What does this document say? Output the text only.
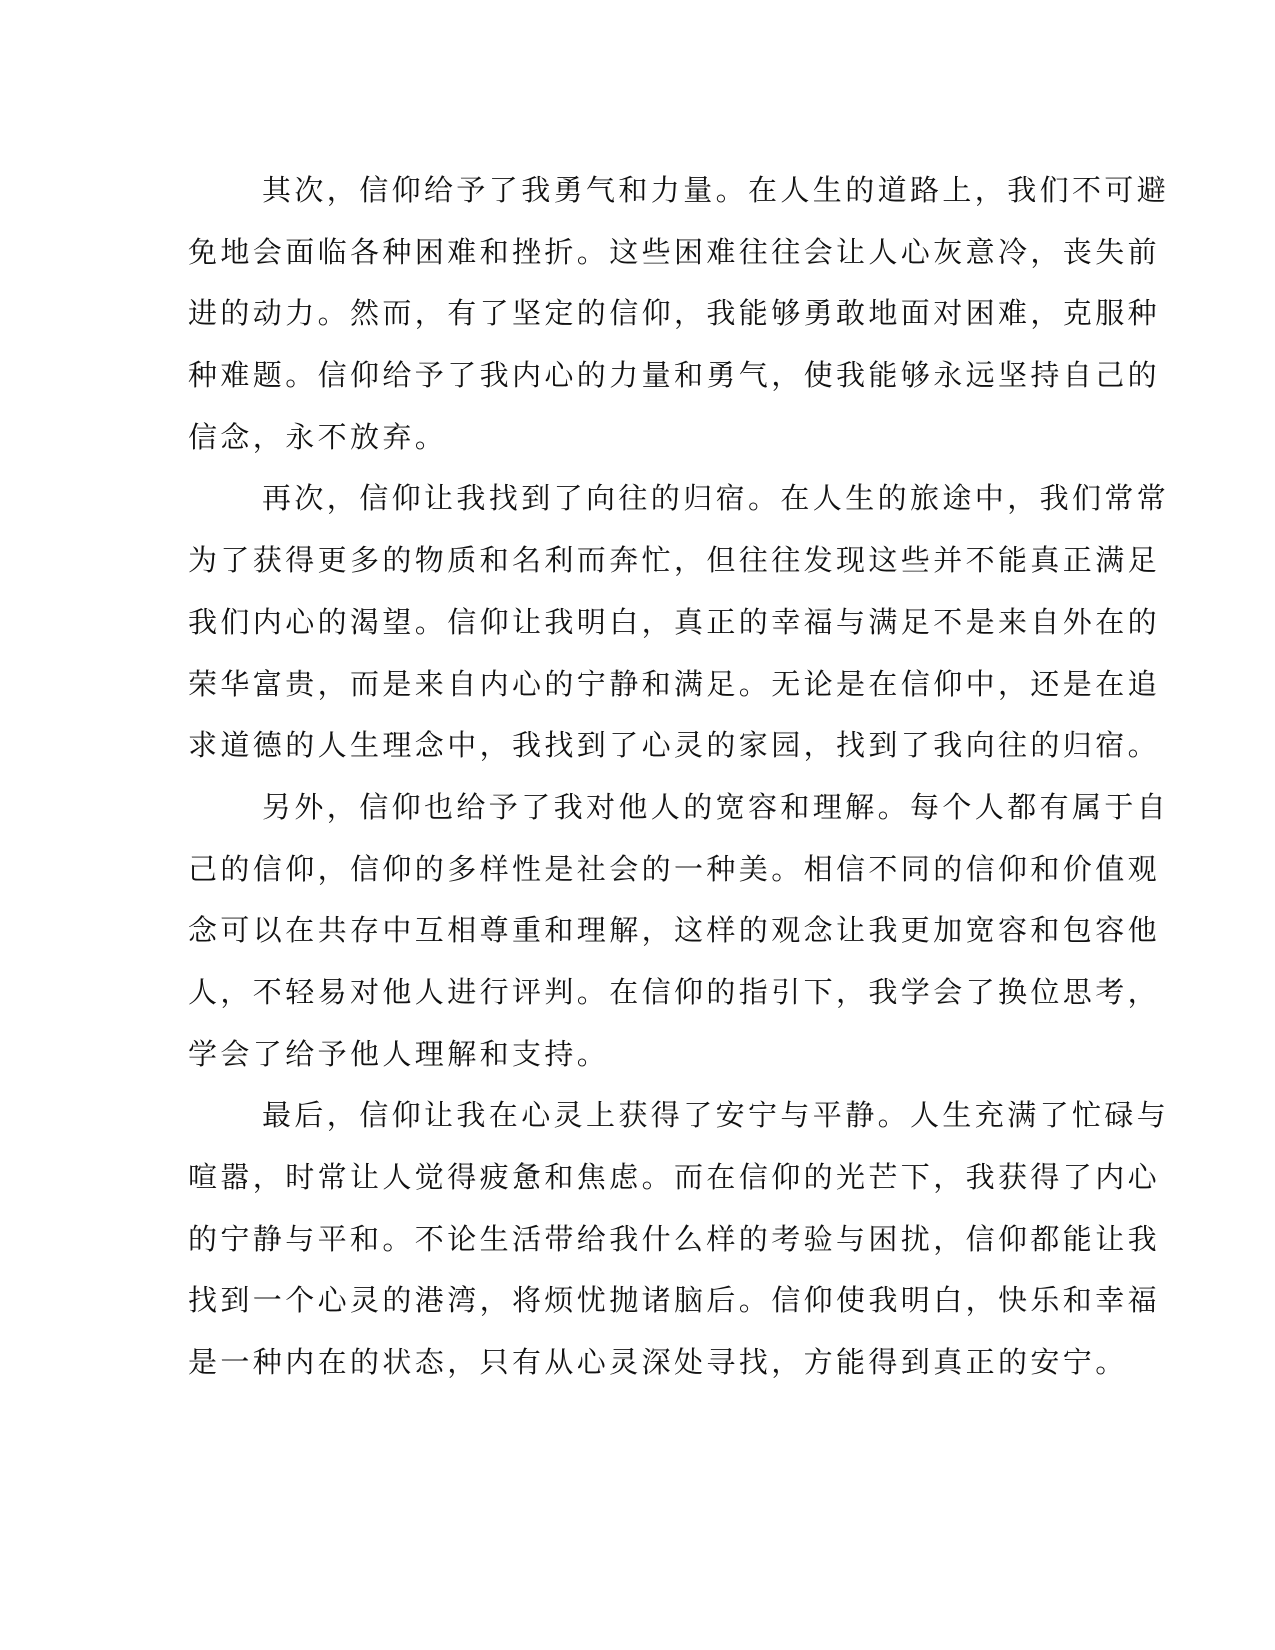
其次，信仰给予了我勇气和力量。在人生的道路上，我们不可避
免地会面临各种困难和挫折。这些困难往往会让人心灰意冷，丧失前
进的动力。然而，有了坚定的信仰，我能够勇敢地面对困难，克服种
种难题。信仰给予了我内心的力量和勇气，使我能够永远坚持自己的
信念，永不放弃。
再次，信仰让我找到了向往的归宿。在人生的旅途中，我们常常
为了获得更多的物质和名利而奔忙，但往往发现这些并不能真正满足
我们内心的渴望。信仰让我明白，真正的幸福与满足不是来自外在的
荣华富贵，而是来自内心的宁静和满足。无论是在信仰中，还是在追
求道德的人生理念中，我找到了心灵的家园，找到了我向往的归宿。
另外，信仰也给予了我对他人的宽容和理解。每个人都有属于自
己的信仰，信仰的多样性是社会的一种美。相信不同的信仰和价值观
念可以在共存中互相尊重和理解，这样的观念让我更加宽容和包容他
人，不轻易对他人进行评判。在信仰的指引下，我学会了换位思考，
学会了给予他人理解和支持。
最后，信仰让我在心灵上获得了安宁与平静。人生充满了忙碌与
喧嚣，时常让人觉得疲惫和焦虑。而在信仰的光芒下，我获得了内心
的宁静与平和。不论生活带给我什么样的考验与困扰，信仰都能让我
找到一个心灵的港湾，将烦忧抛诸脑后。信仰使我明白，快乐和幸福
是一种内在的状态，只有从心灵深处寻找，方能得到真正的安宁。
